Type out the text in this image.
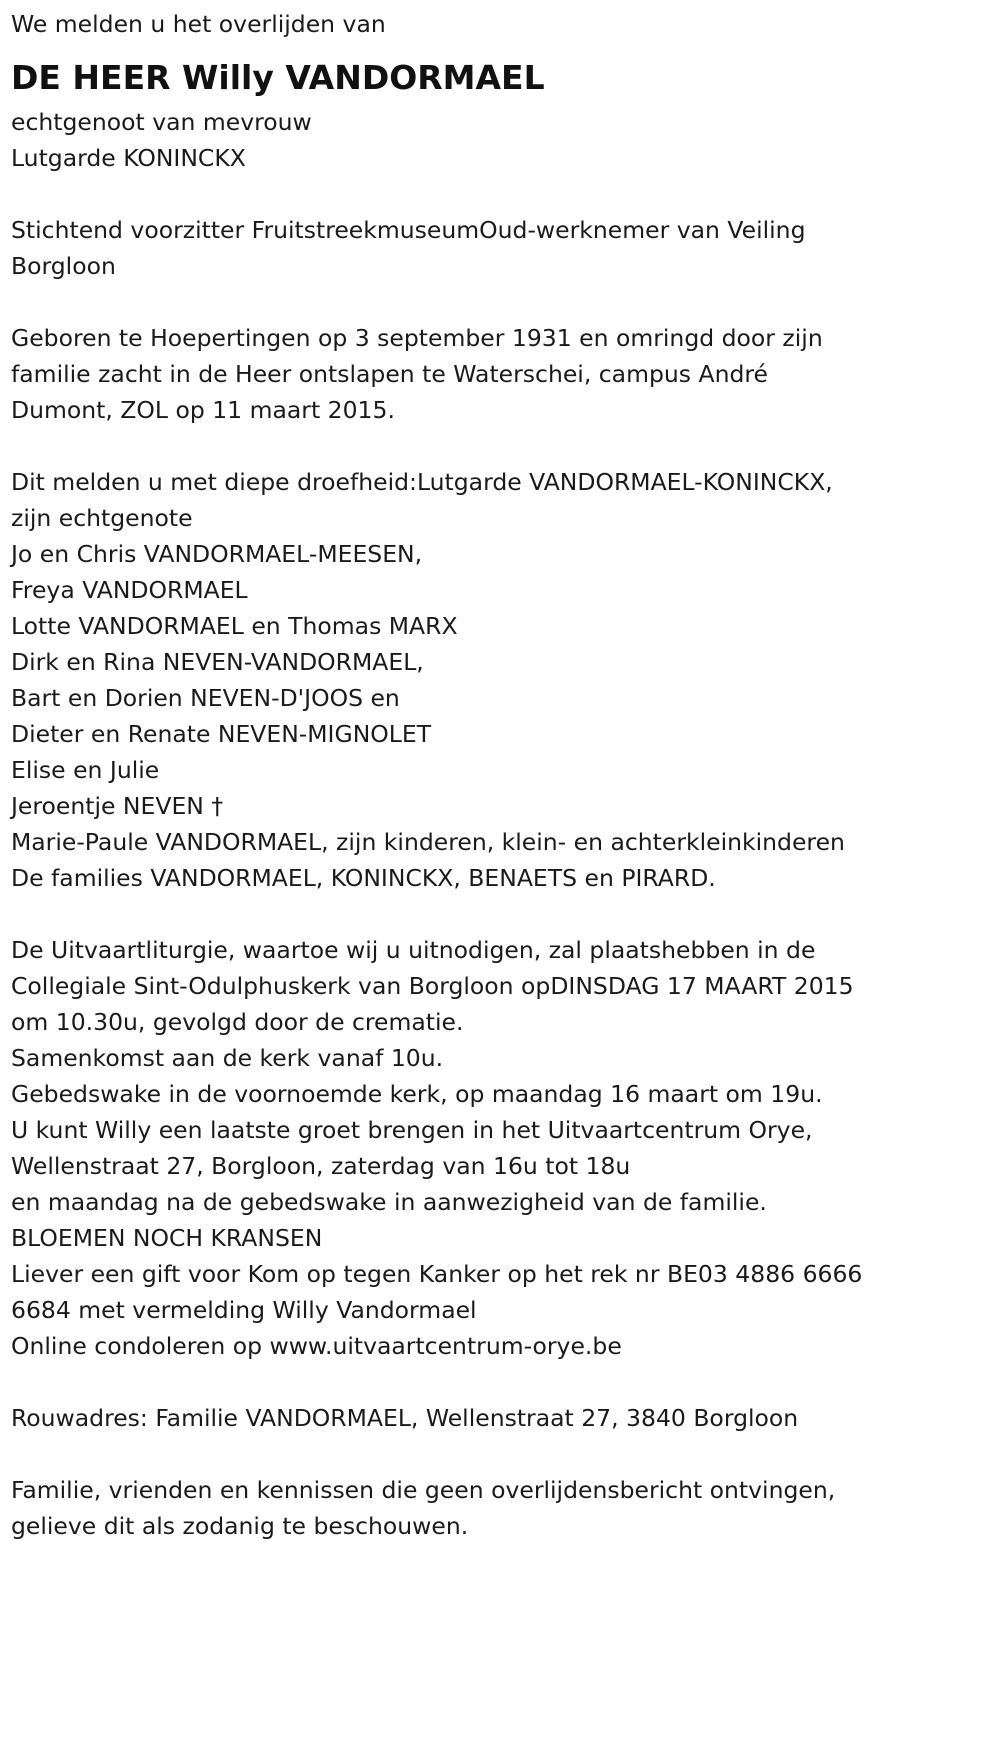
We melden u het overlijden van
DE HEER Willy VANDORMAEL
echtgenoot van mevrouw
Lutgarde KONINCKX
Stichtend voorzitter FruitstreekmuseumOud-werknemer van Veiling
Borgloon
Geboren te Hoepertingen op 3 september 1931 en omringd door zijn
familie zacht in de Heer ontslapen te Waterschei, campus André
Dumont, ZOL op 11 maart 2015.
Dit melden u met diepe droefheid:Lutgarde VANDORMAEL-KONINCKX,
zijn echtgenote
Jo en Chris VANDORMAEL-MEESEN,
Freya VANDORMAEL
Lotte VANDORMAEL en Thomas MARX
Dirk en Rina NEVEN-VANDORMAEL,
Bart en Dorien NEVEN-D'JOOS en
Dieter en Renate NEVEN-MIGNOLET
Elise en Julie
Jeroentje NEVEN †
Marie-Paule VANDORMAEL, zijn kinderen, klein- en achterkleinkinderen
De families VANDORMAEL, KONINCKX, BENAETS en PIRARD.
De Uitvaartliturgie, waartoe wij u uitnodigen, zal plaatshebben in de
Collegiale Sint-Odulphuskerk van Borgloon opDINSDAG 17 MAART 2015
om 10.30u, gevolgd door de crematie.
Samenkomst aan de kerk vanaf 10u.
Gebedswake in de voornoemde kerk, op maandag 16 maart om 19u.
U kunt Willy een laatste groet brengen in het Uitvaartcentrum Orye,
Wellenstraat 27, Borgloon, zaterdag van 16u tot 18u
en maandag na de gebedswake in aanwezigheid van de familie.
BLOEMEN NOCH KRANSEN
Liever een gift voor Kom op tegen Kanker op het rek nr BE03 4886 6666
6684 met vermelding Willy Vandormael
Online condoleren op www.uitvaartcentrum-orye.be
Rouwadres: Familie VANDORMAEL, Wellenstraat 27, 3840 Borgloon
Familie, vrienden en kennissen die geen overlijdensbericht ontvingen,
gelieve dit als zodanig te beschouwen.
